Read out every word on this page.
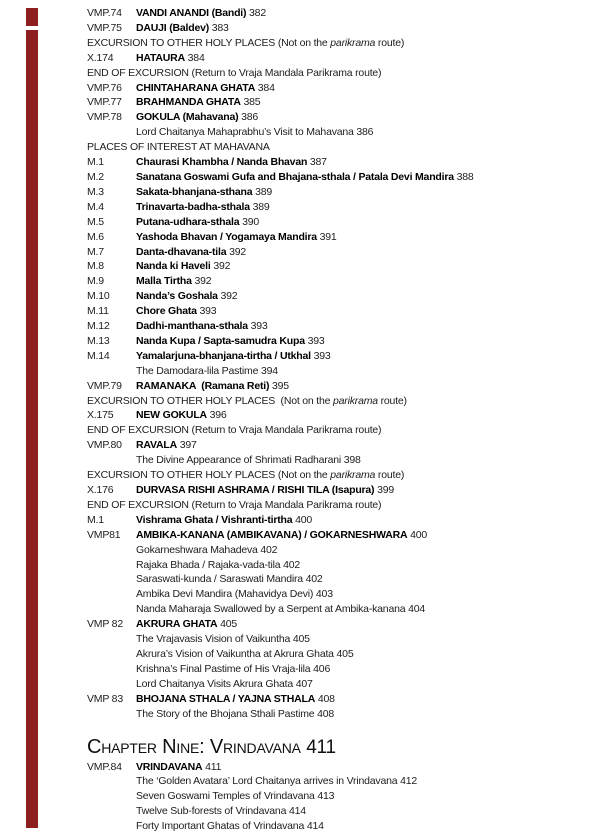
VMP.74 VANDI ANANDI (Bandi) 382
VMP.75 DAUJI (Baldev) 383
EXCURSION TO OTHER HOLY PLACES (Not on the parikrama route)
X.174 HATAURA 384
END OF EXCURSION (Return to Vraja Mandala Parikrama route)
VMP.76 CHINTAHARANA GHATA 384
VMP.77 BRAHMANDA GHATA 385
VMP.78 GOKULA (Mahavana) 386
Lord Chaitanya Mahaprabhu’s Visit to Mahavana 386
PLACES OF INTEREST AT MAHAVANA
M.1	Chaurasi Khambha / Nanda Bhavan 387
M.2	Sanatana Goswami Gufa and Bhajana-sthala / Patala Devi Mandira 388
M.3	Sakata-bhanjana-sthana 389
M.4	Trinavarta-badha-sthala 389
M.5	Putana-udhara-sthala 390
M.6	Yashoda Bhavan / Yogamaya Mandira 391
M.7	Danta-dhavana-tila 392
M.8	Nanda ki Haveli 392
M.9	Malla Tirtha 392
M.10	Nanda’s Goshala 392
M.11	Chore Ghata 393
M.12	Dadhi-manthana-sthala 393
M.13	Nanda Kupa / Sapta-samudra Kupa 393
M.14	Yamalarjuna-bhanjana-tirtha / Utkhal 393
The Damodara-lila Pastime 394
VMP.79 RAMANAKA  (Ramana Reti) 395
EXCURSION TO OTHER HOLY PLACES  (Not on the parikrama route)
X.175 NEW GOKULA 396
END OF EXCURSION (Return to Vraja Mandala Parikrama route)
VMP.80 RAVALA 397
The Divine Appearance of Shrimati Radharani 398
EXCURSION TO OTHER HOLY PLACES (Not on the parikrama route)
X.176 DURVASA RISHI ASHRAMA / RISHI TILA (Isapura) 399
END OF EXCURSION (Return to Vraja Mandala Parikrama route)
M.1	Vishrama Ghata / Vishranti-tirtha 400
VMP81 AMBIKA-KANANA (AMBIKAVANA) / GOKARNESHWARA 400
Gokarneshwara Mahadeva 402
Rajaka Bhada / Rajaka-vada-tila 402
Saraswati-kunda / Saraswati Mandira 402
Ambika Devi Mandira (Mahavidya Devi) 403
Nanda Maharaja Swallowed by a Serpent at Ambika-kanana 404
VMP 82 AKRURA GHATA 405
The Vrajavasis Vision of Vaikuntha 405
Akrura’s Vision of Vaikuntha at Akrura Ghata 405
Krishna’s Final Pastime of His Vraja-lila 406
Lord Chaitanya Visits Akrura Ghata 407
VMP 83 BHOJANA STHALA / YAJNA STHALA 408
The Story of the Bhojana Sthali Pastime 408
Chapter Nine: Vrindavana 411
VMP.84 VRINDAVANA 411
The ‘Golden Avatara’ Lord Chaitanya arrives in Vrindavana 412
Seven Goswami Temples of Vrindavana 413
Twelve Sub-forests of Vrindavana 414
Forty Important Ghatas of Vrindavana 414
